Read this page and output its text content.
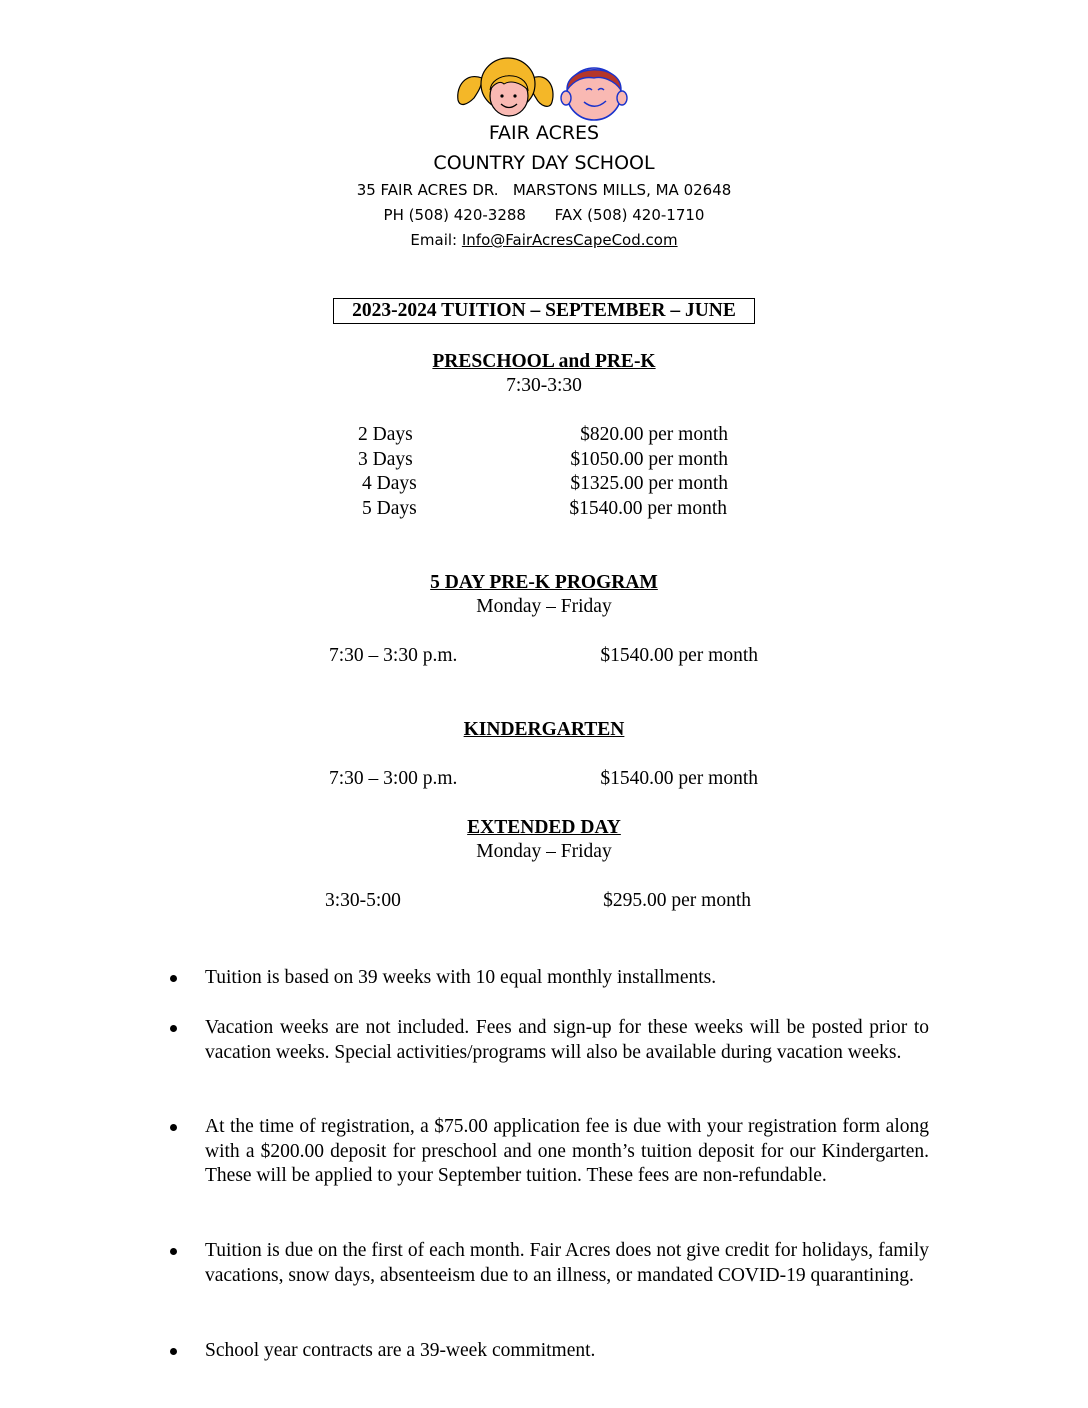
FAIR ACRES
COUNTRY DAY SCHOOL
35 FAIR ACRES DR.   MARSTONS MILLS, MA 02648
PH (508) 420-3288      FAX (508) 420-1710
Email: Info@FairAcresCapeCod.com
2023-2024 TUITION – SEPTEMBER – JUNE
PRESCHOOL and PRE-K
7:30-3:30
2 Days	$820.00 per month
3 Days	$1050.00 per month
4 Days	$1325.00 per month
5 Days	$1540.00 per month
5 DAY PRE-K PROGRAM
Monday – Friday
7:30 – 3:30 p.m.	$1540.00 per month
KINDERGARTEN
7:30 – 3:00 p.m.	$1540.00 per month
EXTENDED DAY
Monday – Friday
3:30-5:00	$295.00 per month
Tuition is based on 39 weeks with 10 equal monthly installments.
Vacation weeks are not included. Fees and sign-up for these weeks will be posted prior to vacation weeks. Special activities/programs will also be available during vacation weeks.
At the time of registration, a $75.00 application fee is due with your registration form along with a $200.00 deposit for preschool and one month’s tuition deposit for our Kindergarten. These will be applied to your September tuition. These fees are non-refundable.
Tuition is due on the first of each month. Fair Acres does not give credit for holidays, family vacations, snow days, absenteeism due to an illness, or mandated COVID-19 quarantining.
School year contracts are a 39-week commitment.
